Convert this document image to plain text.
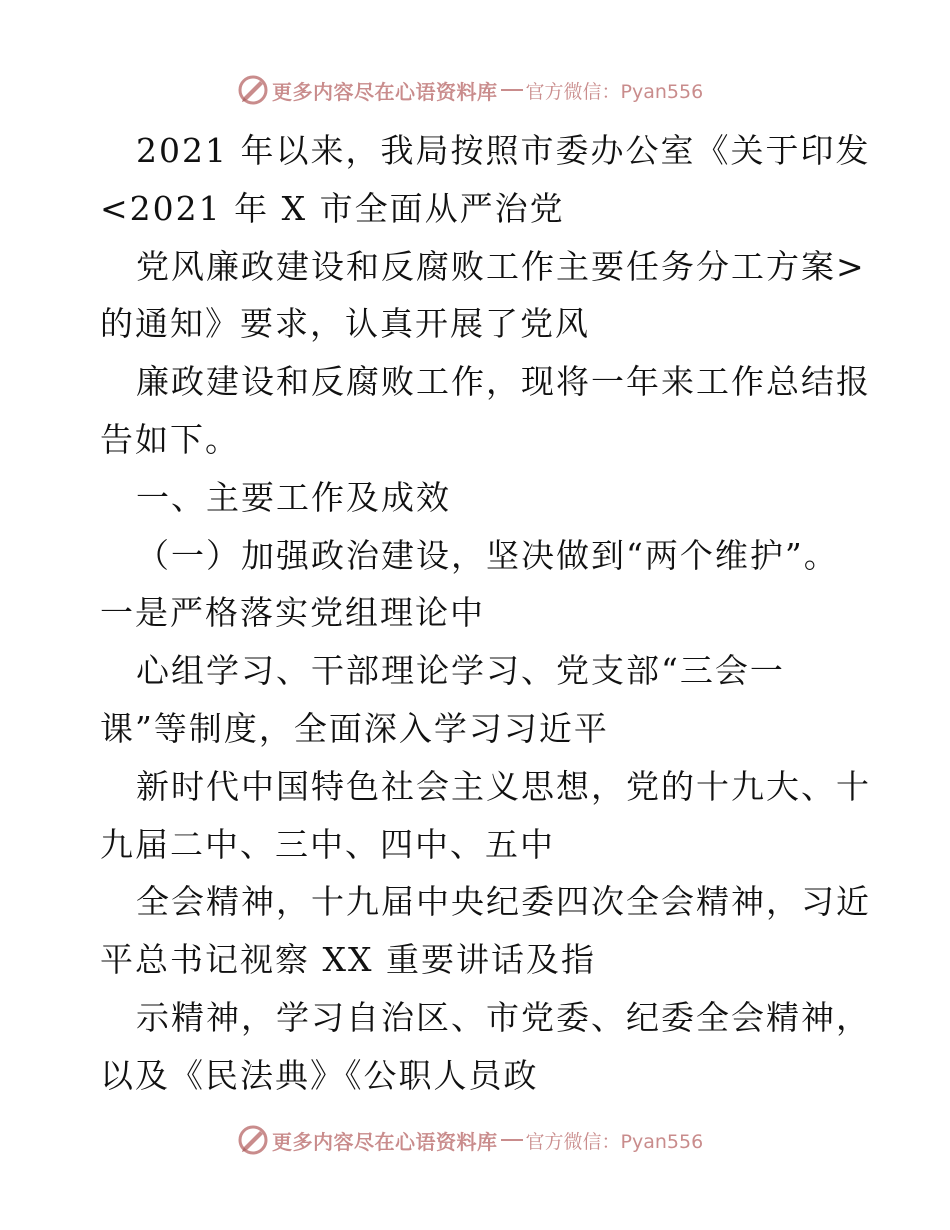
更多内容尽在心语资料库 官方微信：Pyan556
2021 年以来，我局按照市委办公室《关于印发
<2021 年 X 市全面从严治党
党风廉政建设和反腐败工作主要任务分工方案>
的通知》要求，认真开展了党风
廉政建设和反腐败工作，现将一年来工作总结报
告如下。
一、主要工作及成效
（一）加强政治建设，坚决做到“两个维护”。
一是严格落实党组理论中
心组学习、干部理论学习、党支部“三会一
课”等制度，全面深入学习习近平
新时代中国特色社会主义思想，党的十九大、十
九届二中、三中、四中、五中
全会精神，十九届中央纪委四次全会精神，习近
平总书记视察 XX 重要讲话及指
示精神，学习自治区、市党委、纪委全会精神，
以及《民法典》《公职人员政
更多内容尽在心语资料库 官方微信：Pyan556
